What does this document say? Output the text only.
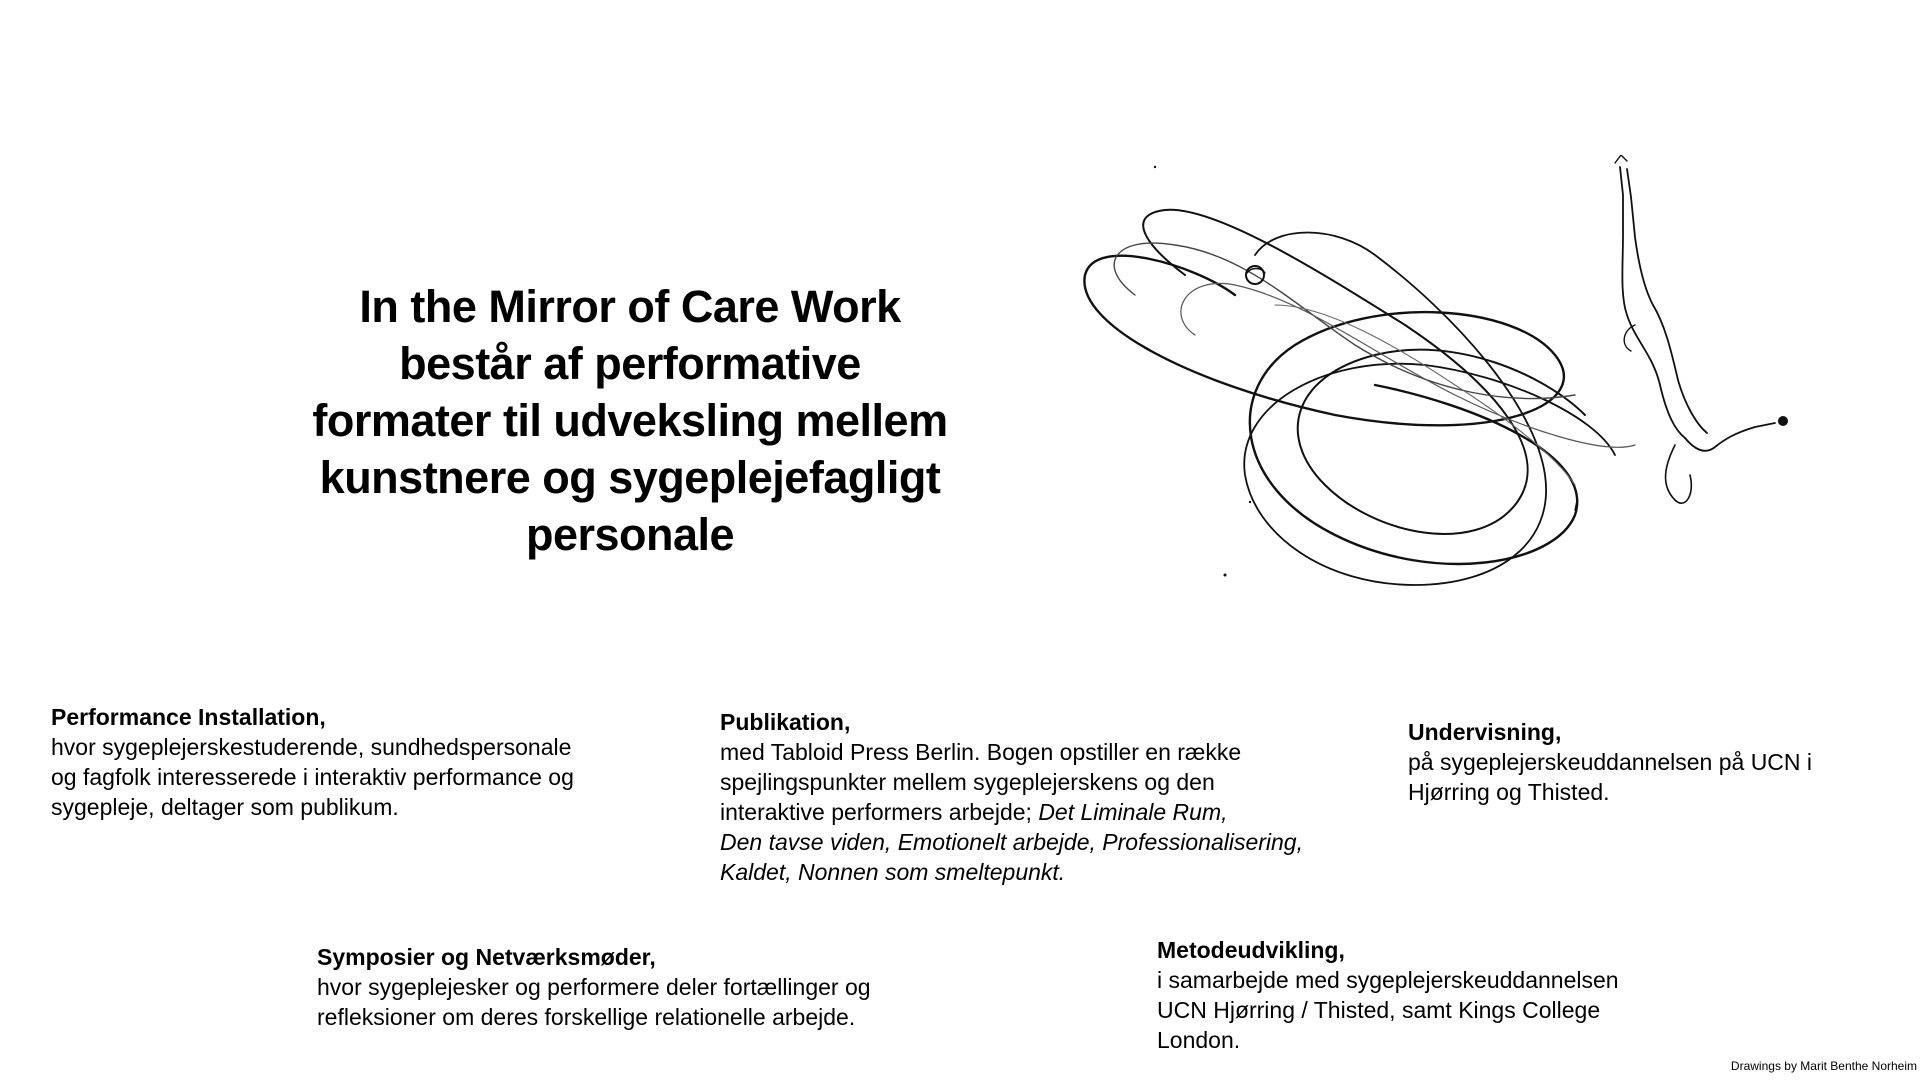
In the Mirror of Care Work
består af performative
formater til udveksling mellem
kunstnere og sygeplejefagligt
personale
Performance Installation,
hvor sygeplejerskestuderende, sundhedspersonale
og fagfolk interesserede i interaktiv performance og
sygepleje, deltager som publikum.
Publikation,
med Tabloid Press Berlin. Bogen opstiller en række
spejlingspunkter mellem sygeplejerskens og den
interaktive performers arbejde; Det Liminale Rum,
Den tavse viden, Emotionelt arbejde, Professionalisering,
Kaldet, Nonnen som smeltepunkt.
Undervisning,
på sygeplejerskeuddannelsen på UCN i
Hjørring og Thisted.
Symposier og Netværksmøder,
hvor sygeplejesker og performere deler fortællinger og
refleksioner om deres forskellige relationelle arbejde.
Metodeudvikling,
i samarbejde med sygeplejerskeuddannelsen
UCN Hjørring / Thisted, samt Kings College
London.
Drawings by Marit Benthe Norheim
